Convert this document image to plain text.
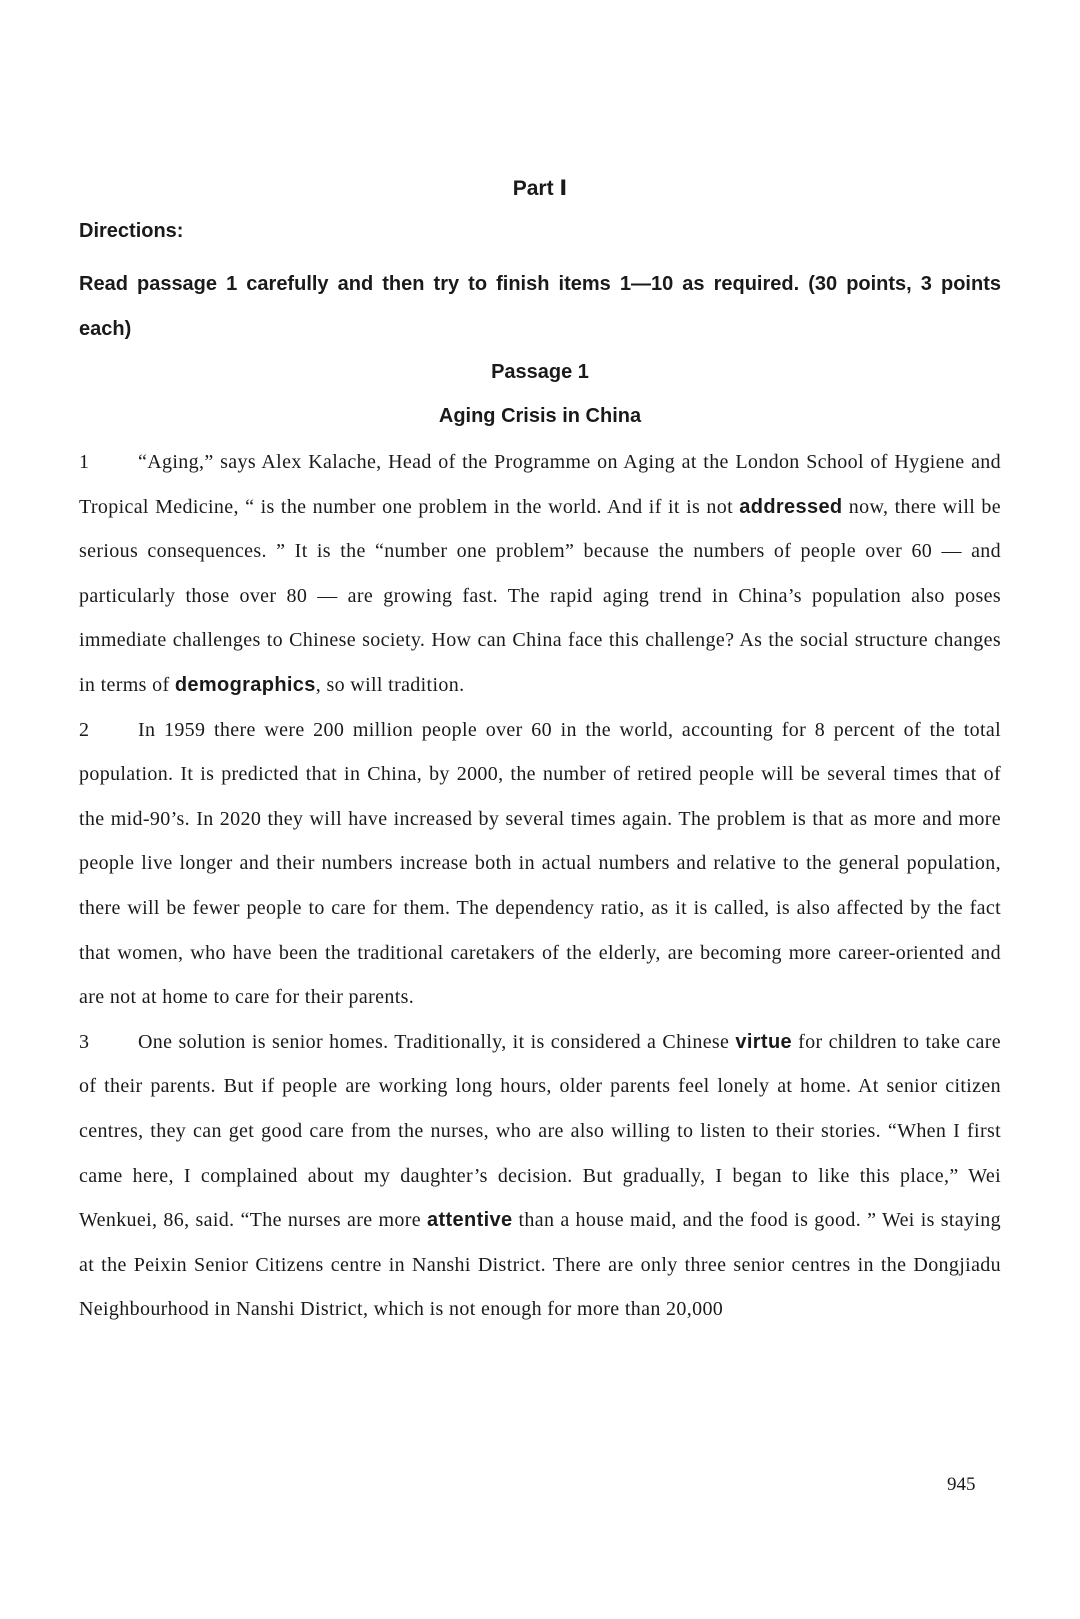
Part Ⅰ
Directions:
Read passage 1 carefully and then try to finish items 1—10 as required. (30 points, 3 points each)
Passage 1
Aging Crisis in China

1 “Aging,” says Alex Kalache, Head of the Programme on Aging at the London School of Hygiene and Tropical Medicine, “ is the number one problem in the world. And if it is not addressed now, there will be serious consequences. ” It is the “number one problem” because the numbers of people over 60 — and particularly those over 80 — are growing fast. The rapid aging trend in China’s population also poses immediate challenges to Chinese society. How can China face this challenge? As the social structure changes in terms of demographics, so will tradition.

2 In 1959 there were 200 million people over 60 in the world, accounting for 8 percent of the total population. It is predicted that in China, by 2000, the number of retired people will be several times that of the mid-90’s. In 2020 they will have increased by several times again. The problem is that as more and more people live longer and their numbers increase both in actual numbers and relative to the general population, there will be fewer people to care for them. The dependency ratio, as it is called, is also affected by the fact that women, who have been the traditional caretakers of the elderly, are becoming more career-oriented and are not at home to care for their parents.

3 One solution is senior homes. Traditionally, it is considered a Chinese virtue for children to take care of their parents. But if people are working long hours, older parents feel lonely at home. At senior citizen centres, they can get good care from the nurses, who are also willing to listen to their stories. “When I first came here, I complained about my daughter’s decision. But gradually, I began to like this place,” Wei Wenkuei, 86, said. “The nurses are more attentive than a house maid, and the food is good. ” Wei is staying at the Peixin Senior Citizens centre in Nanshi District. There are only three senior centres in the Dongjiadu Neighbourhood in Nanshi District, which is not enough for more than 20,000

945
